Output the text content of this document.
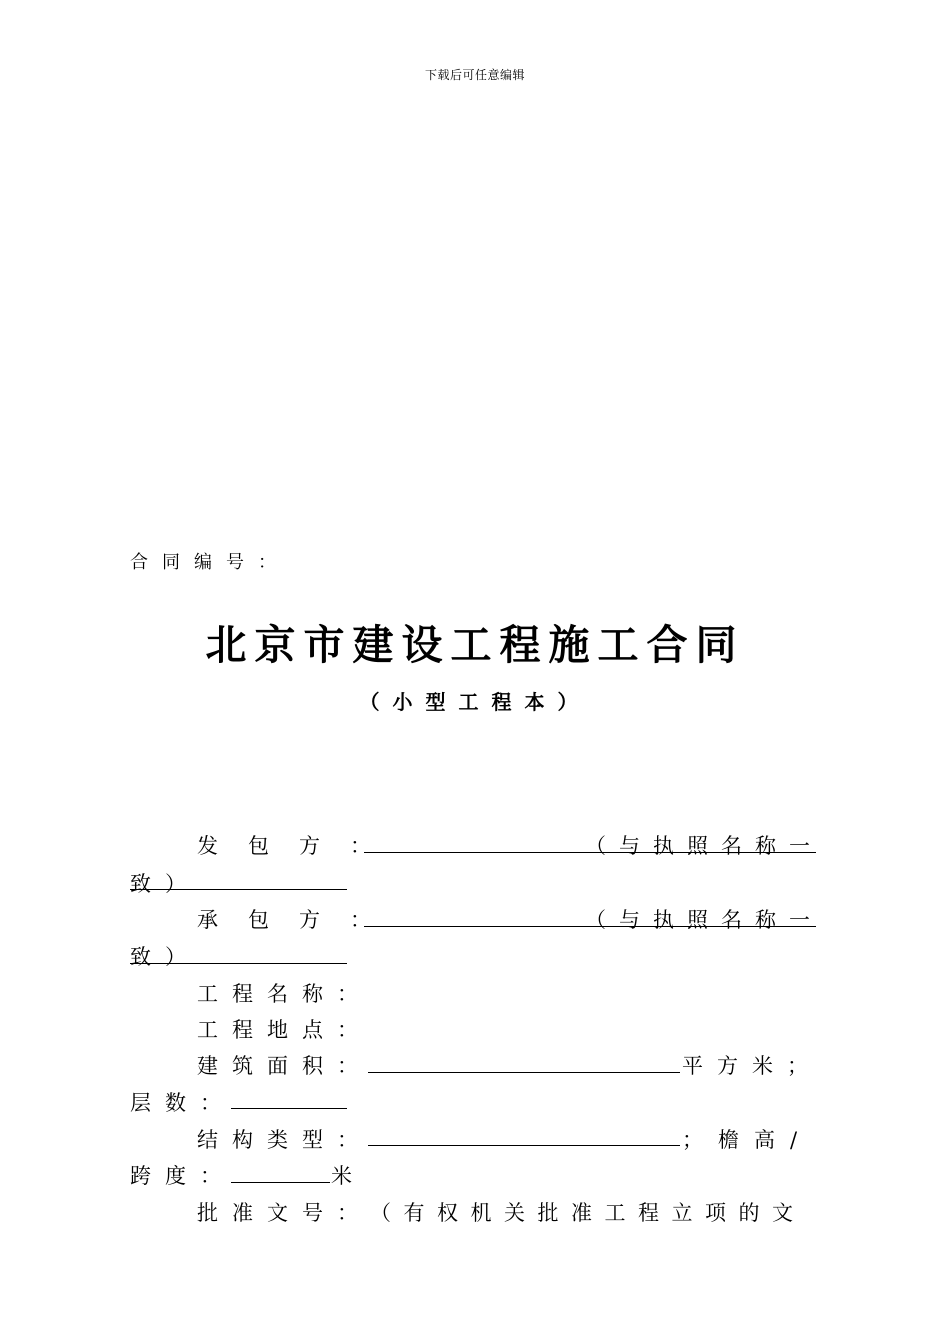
下载后可任意编辑
合同编号：
北京市建设工程施工合同
（小型工程本）
发包方：	（与执照名称一
致）
承包方：	（与执照名称一
致）
工程名称：
工程地点：
建筑面积：	平方米；
层数：
结构类型：	；檐高/
跨度：	米
批准文号：
（有权机关批准工程立项的文
